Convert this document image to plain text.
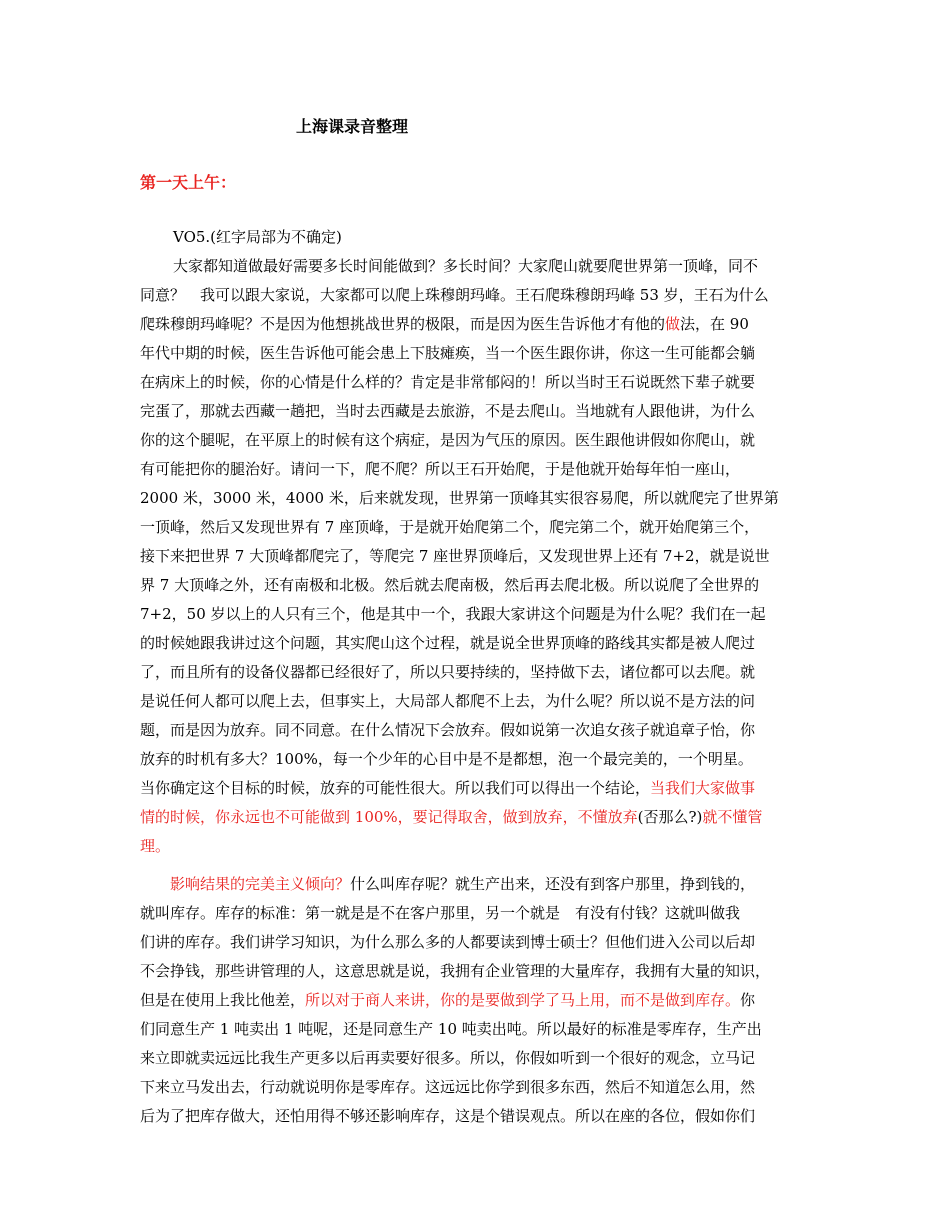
上海课录音整理
第一天上午：
VO5.(红字局部为不确定)
大家都知道做最好需要多长时间能做到？多长时间？大家爬山就要爬世界第一顶峰，同不
同意？　我可以跟大家说，大家都可以爬上珠穆朗玛峰。王石爬珠穆朗玛峰 53 岁，王石为什么
爬珠穆朗玛峰呢？不是因为他想挑战世界的极限，而是因为医生告诉他才有他的做法，在 90
年代中期的时候，医生告诉他可能会患上下肢瘫痪，当一个医生跟你讲，你这一生可能都会躺
在病床上的时候，你的心情是什么样的？肯定是非常郁闷的！所以当时王石说既然下辈子就要
完蛋了，那就去西藏一趟把，当时去西藏是去旅游，不是去爬山。当地就有人跟他讲，为什么
你的这个腿呢，在平原上的时候有这个病症，是因为气压的原因。医生跟他讲假如你爬山，就
有可能把你的腿治好。请问一下，爬不爬？所以王石开始爬，于是他就开始每年怕一座山，
2000 米，3000 米，4000 米，后来就发现，世界第一顶峰其实很容易爬，所以就爬完了世界第
一顶峰，然后又发现世界有 7 座顶峰，于是就开始爬第二个，爬完第二个，就开始爬第三个，
接下来把世界 7 大顶峰都爬完了，等爬完 7 座世界顶峰后，又发现世界上还有 7+2，就是说世
界 7 大顶峰之外，还有南极和北极。然后就去爬南极，然后再去爬北极。所以说爬了全世界的
7+2，50 岁以上的人只有三个，他是其中一个，我跟大家讲这个问题是为什么呢？我们在一起
的时候她跟我讲过这个问题，其实爬山这个过程，就是说全世界顶峰的路线其实都是被人爬过
了，而且所有的设备仪器都已经很好了，所以只要持续的，坚持做下去，诸位都可以去爬。就
是说任何人都可以爬上去，但事实上，大局部人都爬不上去，为什么呢？所以说不是方法的问
题，而是因为放弃。同不同意。在什么情况下会放弃。假如说第一次追女孩子就追章子怡，你
放弃的时机有多大？100%，每一个少年的心目中是不是都想，泡一个最完美的，一个明星。
当你确定这个目标的时候，放弃的可能性很大。所以我们可以得出一个结论，当我们大家做事
情的时候，你永远也不可能做到 100%，要记得取舍，做到放弃，不懂放弃(否那么?)就不懂管
理。
　　影响结果的完美主义倾向？什么叫库存呢？就生产出来，还没有到客户那里，挣到钱的，
就叫库存。库存的标准：第一就是是不在客户那里，另一个就是　有没有付钱？这就叫做我
们讲的库存。我们讲学习知识，为什么那么多的人都要读到博士硕士？但他们进入公司以后却
不会挣钱，那些讲管理的人，这意思就是说，我拥有企业管理的大量库存，我拥有大量的知识，
但是在使用上我比他差，所以对于商人来讲，你的是要做到学了马上用，而不是做到库存。你
们同意生产 1 吨卖出 1 吨呢，还是同意生产 10 吨卖出吨。所以最好的标准是零库存，生产出
来立即就卖远远比我生产更多以后再卖要好很多。所以，你假如听到一个很好的观念，立马记
下来立马发出去，行动就说明你是零库存。这远远比你学到很多东西，然后不知道怎么用，然
后为了把库存做大，还怕用得不够还影响库存，这是个错误观点。所以在座的各位，假如你们
